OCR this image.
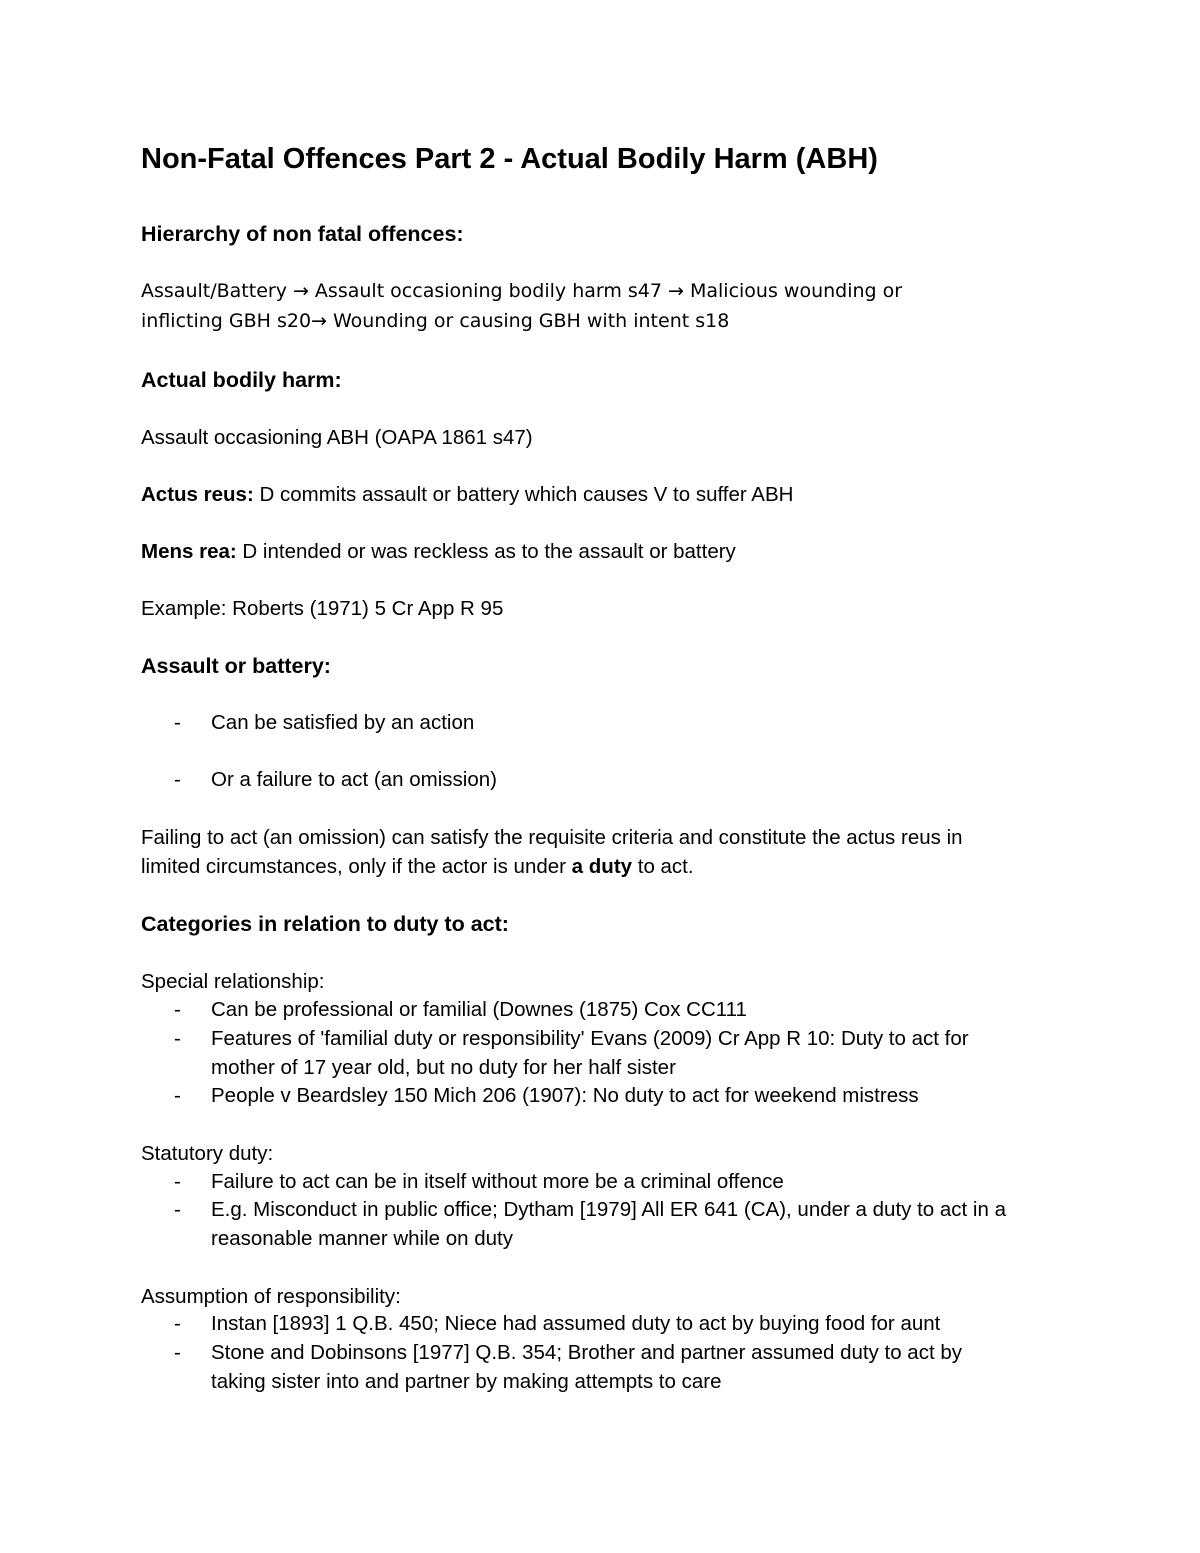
Non-Fatal Offences Part 2 - Actual Bodily Harm (ABH)
Hierarchy of non fatal offences:

Assault/Battery → Assault occasioning bodily harm s47 → Malicious wounding or

inflicting GBH s20→ Wounding or causing GBH with intent s18

Actual bodily harm:

Assault occasioning ABH (OAPA 1861 s47)

Actus reus: D commits assault or battery which causes V to suffer ABH

Mens rea: D intended or was reckless as to the assault or battery

Example: Roberts (1971) 5 Cr App R 95

Assault or battery:
- Can be satisfied by an action
- Or a failure to act (an omission)

Failing to act (an omission) can satisfy the requisite criteria and constitute the actus reus in

limited circumstances, only if the actor is under a duty to act.

Categories in relation to duty to act:

Special relationship:

- Can be professional or familial (Downes (1875) Cox CC111
- Features of 'familial duty or responsibility' Evans (2009) Cr App R 10: Duty to act for
mother of 17 year old, but no duty for her half sister
- People v Beardsley 150 Mich 206 (1907): No duty to act for weekend mistress

Statutory duty:

- Failure to act can be in itself without more be a criminal offence
- E.g. Misconduct in public office; Dytham [1979] All ER 641 (CA), under a duty to act in a
reasonable manner while on duty

Assumption of responsibility:

- Instan [1893] 1 Q.B. 450; Niece had assumed duty to act by buying food for aunt
- Stone and Dobinsons [1977] Q.B. 354; Brother and partner assumed duty to act by
taking sister into and partner by making attempts to care
